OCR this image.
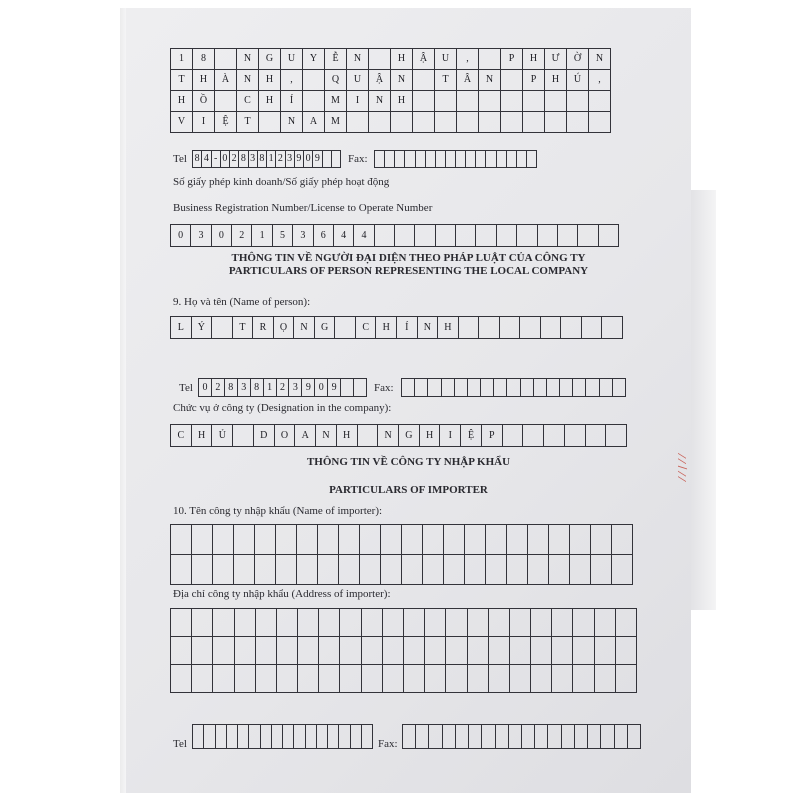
1	8	N	G	U	Y	Ễ	N	H	Ậ	U	,	P	H	Ư	Ờ	N
T	H	À	N	H	,	Q	U	Ậ	N	T	Â	N	P	H	Ú	,
H	Ồ	C	H	Í	M	I	N	H
V	I	Ệ	T	N	A	M
Tel 8 4 - 0 2 8 3 8 1 2 3 9 0 9	Fax:
Số giấy phép kinh doanh/Số giấy phép hoạt động
Business Registration Number/License to Operate Number
0	3	0	2	1	5	3	6	4	4
THÔNG TIN VỀ NGƯỜI ĐẠI DIỆN THEO PHÁP LUẬT CỦA CÔNG TY
PARTICULARS OF PERSON REPRESENTING THE LOCAL COMPANY
9. Họ và tên (Name of person):
L	Ý	T	R	Ọ	N	G	C	H	Í	N	H
Tel 0 2 8 3 8 1 2 3 9 0 9	Fax:
Chức vụ ở công ty (Designation in the company):
C	H	Ủ	D	O	A	N	H	N	G	H	I	Ệ	P
THÔNG TIN VỀ CÔNG TY NHẬP KHẨU
PARTICULARS OF IMPORTER
10. Tên công ty nhập khẩu (Name of importer):
Địa chỉ công ty nhập khẩu (Address of importer):
Tel	Fax:
⁄ ⁄ ∕ ⁄ ⁄
